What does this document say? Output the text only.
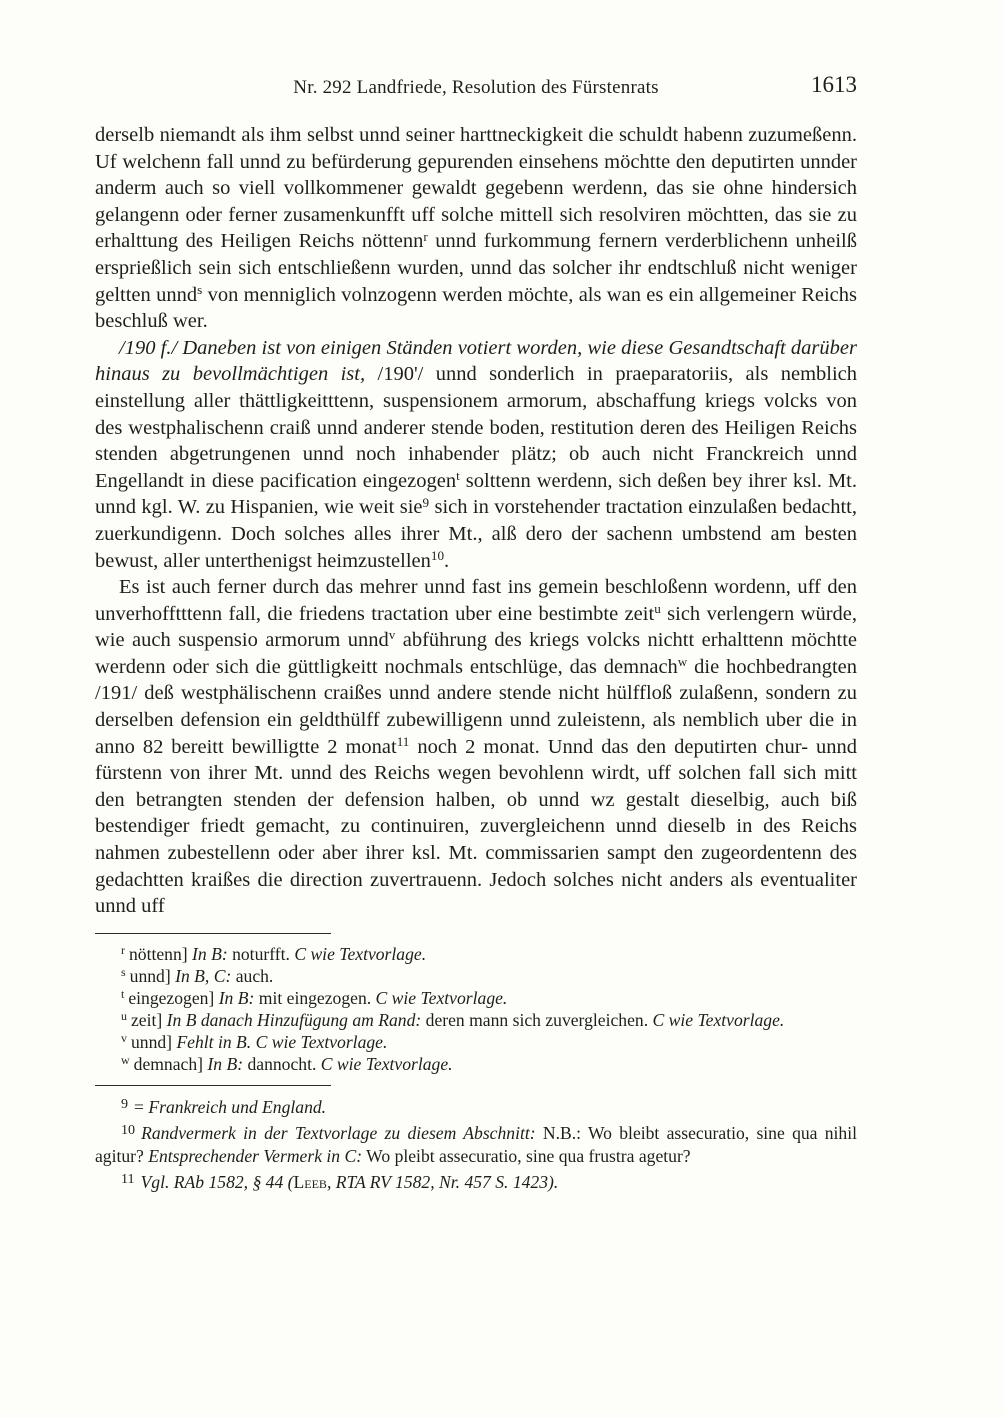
Nr. 292 Landfriede, Resolution des Fürstenrats	1613

derselb niemandt als ihm selbst unnd seiner harttneckigkeit die schuldt habenn zuzumeßenn. Uf welchenn fall unnd zu befürderung gepurenden einsehens möchtte den deputirten unnder anderm auch so viell vollkommener gewaldt gegebenn werdenn, das sie ohne hindersich gelangenn oder ferner zusamenkunfft uff solche mittell sich resolviren möchtten, das sie zu erhalttung des Heiligen Reichs nöttenn$^r$ unnd furkommung fernern verderblichenn unheilß ersprießlich sein sich entschließenn wurden, unnd das solcher ihr endtschluß nicht weniger geltten unnd$^s$ von menniglich volnzogenn werden möchte, als wan es ein allgemeiner Reichs beschluß wer.

/190 f./ Daneben ist von einigen Ständen votiert worden, wie diese Gesandtschaft darüber hinaus zu bevollmächtigen ist, /190'/ unnd sonderlich in praeparatoriis, als nemblich einstellung aller thättligkeitttenn, suspensionem armorum, abschaffung kriegs volcks von des westphalischenn craiß unnd anderer stende boden, restitution deren des Heiligen Reichs stenden abgetrungenen unnd noch inhabender plätz; ob auch nicht Franckreich unnd Engellandt in diese pacification eingezogen$^t$ solttenn werdenn, sich deßen bey ihrer ksl. Mt. unnd kgl. W. zu Hispanien, wie weit sie$^9$ sich in vorstehender tractation einzulaßen bedachtt, zuerkundigenn. Doch solches alles ihrer Mt., alß dero der sachenn umbstend am besten bewust, aller unterthenigst heimzustellen$^{10}$.

Es ist auch ferner durch das mehrer unnd fast ins gemein beschloßenn wordenn, uff den unverhofftttenn fall, die friedens tractation uber eine bestimbte zeit$^u$ sich verlengern würde, wie auch suspensio armorum unnd$^v$ abführung des kriegs volcks nichtt erhalttenn möchtte werdenn oder sich die güttligkeitt nochmals entschlüge, das demnach$^w$ die hochbedrangten /191/ deß westphälischenn craißes unnd andere stende nicht hülffloß zulaßenn, sondern zu derselben defension ein geldthülff zubewilligenn unnd zuleistenn, als nemblich uber die in anno 82 bereitt bewilligtte 2 monat$^{11}$ noch 2 monat. Unnd das den deputirten chur- unnd fürstenn von ihrer Mt. unnd des Reichs wegen bevohlenn wirdt, uff solchen fall sich mitt den betrangten stenden der defension halben, ob unnd wz gestalt dieselbig, auch biß bestendiger friedt gemacht, zu continuiren, zuvergleichenn unnd dieselb in des Reichs nahmen zubestellenn oder aber ihrer ksl. Mt. commissarien sampt den zugeordentenn des gedachtten kraißes die direction zuvertrauenn. Jedoch solches nicht anders als eventualiter unnd uff

$^r$ nöttenn] In B: noturfft. C wie Textvorlage.

$^s$ unnd] In B, C: auch.

$^t$ eingezogen] In B: mit eingezogen. C wie Textvorlage.

$^u$ zeit] In B danach Hinzufügung am Rand: deren mann sich zuvergleichen. C wie Textvorlage.

$^v$ unnd] Fehlt in B. C wie Textvorlage.

$^w$ demnach] In B: dannocht. C wie Textvorlage.

$^9$ = Frankreich und England.

$^{10}$ Randvermerk in der Textvorlage zu diesem Abschnitt: N.B.: Wo bleibt assecuratio, sine qua nihil agitur? Entsprechender Vermerk in C: Wo pleibt assecuratio, sine qua frustra agetur?

$^{11}$ Vgl. RAb 1582, § 44 (Leeb, RTA RV 1582, Nr. 457 S. 1423).
